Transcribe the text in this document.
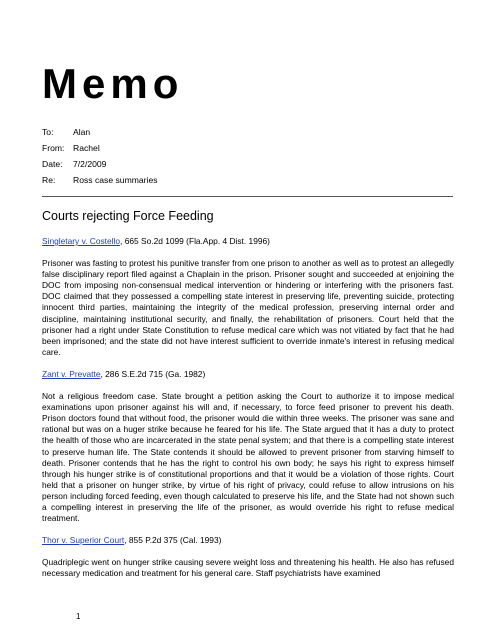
Memo
To:	Alan
From: Rachel
Date:	7/2/2009
Re:	Ross case summaries
Courts rejecting Force Feeding

Singletary v. Costello, 665 So.2d 1099 (Fla.App. 4 Dist. 1996)

Prisoner was fasting to protest his punitive transfer from one prison to another as well as to protest an allegedly false disciplinary report filed against a Chaplain in the prison. Prisoner sought and succeeded at enjoining the DOC from imposing non-consensual medical intervention or hindering or interfering with the prisoners fast. DOC claimed that they possessed a compelling state interest in preserving life, preventing suicide, protecting innocent third parties, maintaining the integrity of the medical profession, preserving internal order and discipline, maintaining institutional security, and finally, the rehabilitation of prisoners. Court held that the prisoner had a right under State Constitution to refuse medical care which was not vitiated by fact that he had been imprisoned; and the state did not have interest sufficient to override inmate's interest in refusing medical care.

Zant v. Prevatte, 286 S.E.2d 715 (Ga. 1982)

Not a religious freedom case. State brought a petition asking the Court to authorize it to impose medical examinations upon prisoner against his will and, if necessary, to force feed prisoner to prevent his death. Prison doctors found that without food, the prisoner would die within three weeks. The prisoner was sane and rational but was on a huger strike because he feared for his life. The State argued that it has a duty to protect the health of those who are incarcerated in the state penal system; and that there is a compelling state interest to preserve human life. The State contends it should be allowed to prevent prisoner from starving himself to death. Prisoner contends that he has the right to control his own body; he says his right to express himself through his hunger strike is of constitutional proportions and that it would be a violation of those rights. Court held that a prisoner on hunger strike, by virtue of his right of privacy, could refuse to allow intrusions on his person including forced feeding, even though calculated to preserve his life, and the State had not shown such a compelling interest in preserving the life of the prisoner, as would override his right to refuse medical treatment.

Thor v. Superior Court, 855 P.2d 375 (Cal. 1993)

Quadriplegic went on hunger strike causing severe weight loss and threatening his health. He also has refused necessary medication and treatment for his general care. Staff psychiatrists have examined

1
